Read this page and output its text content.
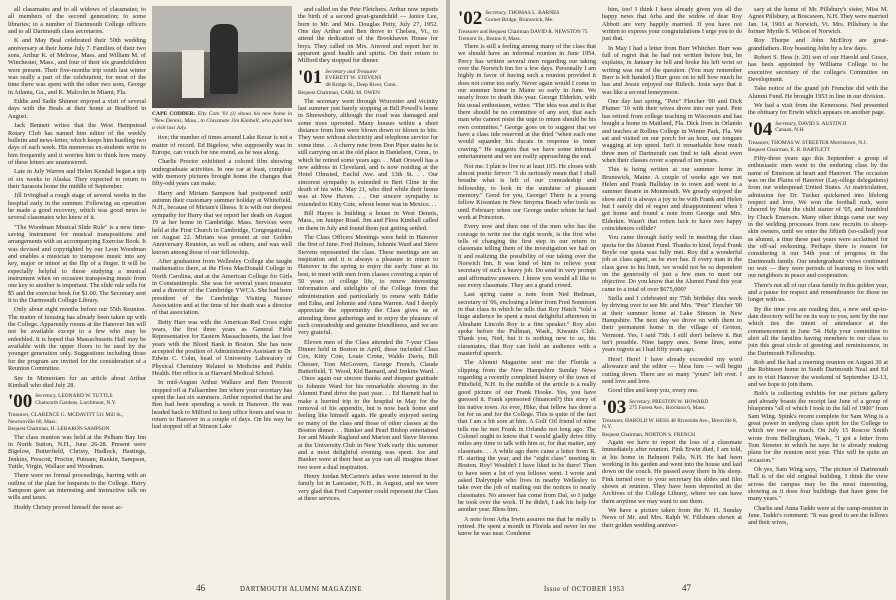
all classmates and to all widows of classmates; to all members of the second generation; to some libraries; to a number of Dartmouth College officers and to all Dartmouth class secretaries.

K and May Beal celebrated their 50th wedding anniversary at their home July 7. Families of their two sons, Arthur K. of Melrose, Mass. and William M. of Winchester, Mass., and four of their six grandchildren were present. Their five-months trip south last winter was really a part of the celebration, for most of the time there was spent with the other two sons, George in Atlanta, Ga., and K. Malcolm in Miami, Fla.

Eddie and Sadie Shinner enjoyed a visit of several days with the Beals at their home at Bradford in August.

Jack Bennett writes that the West Hempstead Rotary Club has named him editor of the weekly bulletin and news-letter, which keeps him hustling two days of each week. His numerous ex-students write to him frequently and it worries him to think how many of these letters are unanswered.

Late in July Warren and Helen Kendall began a trip of six weeks to Alaska. They expected to return to their Sarasota home the middle of September.

Jill Irvingbad a rough stage of several weeks in the hospital early in the summer. Following an operation he made a good recovery, which was good news to several classmates who knew of it.

"The Woodman Musical Slide Rule" is a new time-saving instrument for musical transpositions and arrangements with an accompanying Exercise Book. It was devised and copyrighted by our Leon Woodman and enables a musician to transpose music into any key, major or minor at the flip of a finger. It will be especially helpful to those studying a musical instrument when on occasion transposing music from one key to another is important. The slide rule sells for $5 and the exercise book for $1.00. The Secretary sent it to the Dartmouth College Library.

Only about eight months before our 55th Reunion. The matter of housing has already been taken up with the College. Apparently rooms at the Hanover Inn will not be available except to a few who may be enfeebled. It is hoped that Massachusetts Hall may be available with the upper floors to be used by the younger generation only. Suggestions including those for the program are invited for the consideration of a Reunion Committee.

See In Memoriam for an article about Arthur Kimball who died July 28.

'00 Secretary, LEONARD W. TUTTLE
Chatworth Gardens, Larchmont, N.Y.

Treasurer, CLARENCE G. MCDAVITT 511 Mill St., Newtonville 60, Mass.

Bequest Chairman, H. LEBARON SAMPSON

The class reunion was held at the Pelham Bay Inn in North Sutton, N.H., June 26-28. Present were Bigelow, Butterfield, Christy, Hadlock, Hastings, Jenkins, Prescott, Proctor, Putnam, Rankin, Sampson, Tuttle, Virgin, Wallace and Woodman.

There were no formal proceedings, barring with an outline of the plan for bequests to the College. Harry Sampson gave an interesting and instructive talk on wills and taxes.

Hoddy Christy proved himself the most ac-

CAPE CODDER: Elty Cote '01 (l) shows his new home in "New Dennis, Mass., to Classmate Jim Kimball, who paid him a visit last July.

tive; the number of times around Lake Kezar is not a matter of record. Ed Bigelow, who supposedly was in Europe, can vouch for one round, as he was along.

Charlie Proctor exhibited a colored film showing undergraduate activities. In one car at least, complete with memory pictures brought home the changes that fifty-odd years can make.

Harry and Miriam Sampson had postponed until autumn their customary summer holiday at Whitefield, N.H., because of Miriam's illness. It is with our deepest sympathy for Harry that we report her death on August 19 at her home in Cambridge. Mass. Services were held at the First Church in Cambridge, Congregational, on August 22. Miriam was present at our Golden Anniversary Reunion, as well as others, and was well known among those of our fellowship.

After graduation from Wellesley College she taught mathematics there, at the Flora MacDonald College in North Carolina, and at the American College for Girls in Constantinople. She was for several years treasurer and a director of the Cambridge YWCA. She had been president of the Cambridge Visiting Nurses' Association and at the time of her death was a director of that association.

Betty Harr was with the American Red Cross eight years, the first three years as General Field Representative for Eastern Massachusetts, the last five years with the Blood Bank in Boston. She has now accepted the position of Administrative Assistant to Dr. Edwin C. Cohn, head of University Laboratory of Physical Chemistry Related to Medicine and Public Health. Her office is at Harvard Medical School.

In mid-August Arthur Wallace and Ben Prescott stopped off at Fallasrnbee Inn where your secretary has spent the last six summers. Arthur reported that he and Ben had been spending a week in Hanover. He was headed back to Milford to keep office hours and was to return to Hanover in a couple of days. On his way he had stopped off at Stinson Lake

and called on the Pete Fletchers. Arthur now reports the birth of a second great-grandchild — Janice Lee, born to Mr. and Mrs. Douglas Petty, July 27, 1952. One day Arthur and Ben drove to Chelsea, Vt., to attend the dedication of the Brookhaven House for boys. They called on Mrs. Atwood and report her in apparent good health and spirits. On their return to Milford they stopped for dinner.

'01 Secretary and Treasurer
EVERETT W. STEVENS
48 Bridge St., Deep River, Conn.

Bequest Chairman, CARL M. OWEN

The secretary went through Worcester and vicinity last summer just barely stopping at Bill Powell's home in Shrewsbury, although the road was damaged and some trees uprooted. Many houses within a short distance from him were blown down or blown to bits. They were without electricity and telephone service for some time. . . A cherry note from Don Piper states he is still carrying on at the old place in Danielson, Conn., to which he retired some years ago. . . Matt Orswell has a new address in Cleveland, and is now residing at the Hotel Olmsted, Euclid Ave. and 13th St. . . Our sincerest sympathy is extended to Bert Cline in the death of his wife. May 21, who died while their home was at New Haven. . . Our sincere sympathy is extended to Kitty Cote, whose home was in Mexico. . .

Bill Hayes is building a house in West Dennis, Mass., on Juniper Road. Jim and Flora Kimball called on them in July and found them just getting settled.

The Class Officers Meetings were held in Hanover the first of June. Fred Holmes, Johnnie Ward and Steve Stevens represented the class. These meetings are an inspiration and it is always a pleasure to return to Hanover in the spring to enjoy the early June at its best, to meet with men from classes covering a span of 50 years of college life, to renew interesting information and sidelights of the College from the administration and particularly to renew with Eddie and Edna, and Johnnie and Anna Warren. And I deeply appreciate the opportunity the Class gives us of attending these gatherings and to enjoy the pleasure of such comradeship and genuine friendliness, and we are very grateful.

Eleven men of the Class attended the 7-year Class Dinner held in Boston in April, these included Class Cox, Kitty Cote, Louie Crone, Waldo Davis, Bill Chesser, Tom McGovern, George French, Claude Butterfield, T. Wood, Kid Barnard, and Jenkins Ward. . . Once again our sincere thanks and deepest gratitude to Johnnie Ward for his remarkable showing in the Alumni Fund drive the past year. . . Ed Barnett had to make a hurried trip to the hospital in May for the removal of his appendix, but is now back home and feeling like himself again. He greatly enjoyed seeing so many of the class and those of other classes at the Boston dinner. . . Bunker and Pearl Bishop entertained Joe and Maude Ragland and Marion and Steve Stevens at the University Club in New York early this summer and a most delightful evening was spent. Joe and Bunker were at their best as you can all imagine those two were a dual inspiration.

Henry Jordan McCarten's ashes were interred in the family lot in Lancaster, N.H., in August, and we were very glad that Fred Carpenter could represent the Class at these services.

46	DARTMOUTH ALUMNI MAGAZINE
'02 Secretary, THOMAS L. BARNES
Gurnet Bridge, Brunswick, Me.

Treasurer and Bequest Chairman DAVID R. NEWSTON 75 Tremont St., Boston 8, Mass.

There is still a feeling among many of the class that we should have an informal reunion in June 1954. Percy has written several men regarding our taking over the Norwich Inn for a few days. Personally I am highly in favor of having such a reunion provided it does not come too early. Never again would I come to our summer home in Maine so early in June. We nearly froze to death this year. George Elderkin, with his usual enthusiasm, writes: "The idea was and is that there should be no committee of any sort, that each man who cannot resist the urge to return should be his own committee." George goes on to suggest that we have a class tide reserved at the third "when each one would squander his ducats in response to inner craving." He suggests that we have some informal entertainment and we are really approaching the end.

Not me. I plan to live to at least 105. He closes with almost poetic fervor: "I do seriously mean that I shall breathe what is left of our comradeship and fellowship, to look in the sunshine of pleasant memory." Good for you, George! There is a young fellow Kiwanian in New Smyrna Beach who tools us until February when our George under whom he had work at Princeton.

Every now and then one of the men who has the courage to write me the right words, is the first who tells of changing the first step in our return to classmate telling them of the investigation we had on it and realizing the possibility of our taking over the Norwich Inn. It was kind of him to relieve your secretary of such a heavy job. Do send in very prompt and affirmative answers. I know you would all like to see every classmate. They are a grand crowd.

Last spring came a note from Ned Redman, secretary of '06, enclosing a letter from Fred Sonneson in that class in which he tells that Roy Hatch "told a huge audience he spent a most delightful afternoon in Abraham Lincoln Roy is a fine speaker." Roy also spoke before the Pullman, Wash., Kiwanis Club. Thank you, Ned, but it is nothing new to us, his classmates, that Roy can hold an audience with a masterful speech.

The Alumni Magazine sent me the Florida a clipping from the New Hampshire Sunday News regarding a recently completed history of the town of Pittsfield, N.H. In the middle of the article is a really good picture of our Frank Hooke. Yes, you have guessed it. Frank sponsored (financed?) this story of his native town. As ever, Hike, that fellow has done a lot for us and for the College. This is quite of the fact that I am a bit sore at him. A Golf Oil friend of mine tells me he met Frank in Orlando not long ago. The Colonel ought to know that I would gladly drive fifty miles any time to talk with him or, for that matter, any classmate. . . A while ago there came a letter from R. H. starting the year, and the "eight class" meeting in Boston. Roy! Wouldn't I have liked to be there! Then to have seen a lot of you fellows went. I wrote and asked Dalrymple who lives in nearby Wellesley to take over the job of mailing out the notices to nearly classmates. No answer has come from Dal, so I judge he took over the work. If he didn't, I ask his help for another year. Bless him.

A note from Arba Irwin assures me that he really is retired. He spent a month in Florida and never let me know he was near. Condemn

him, too! I think I have already given you all the happy news that Arba and the widow of dear Roy Abbott are very happily married. If you have not written to express your congratulations I urge you to do just that.

In May I had a letter from Burr Whitcher. Burr was full of regret that he had not written before but, he explains, in January he fell and broke his left wrist so writing was out of the question. (You may remember Burr is left handed.) Burr goes on to tell how much he has and Jessie enjoyed our Ritlech. Josie says that it was like a second honeymoon.

One day last spring, "Pete" Fletcher '00 and Dick Plumer '10 with their wives drove into our yard. Pete has retired from college teaching in Wisconsin and has bought a home in Maitland, Fla. Dick lives in Orlando and teaches at Rollins College in Winter Park, Fla. We sat and visited on our porch for an hour, our tongues wagging at top speed. Isn't it remarkable how much three men of Dartmouth can find to talk about even when their classes cover a spread of ten years.

This is being written at our summer home in Brunswick, Maine. A couple of weeks ago we met Helen and Frank Halliday in to town and went to a summer theatre in Monmouth. We greatly enjoyed the show and it is always a joy to be with Frank and Helen but I surely did of regret and disappointment when I got home and found a note from George and Mrs. Elderkin. Wasn't that rotten luck to have two happy coincidences collide?

You came through fairly well in meeting the class quota for the Alumni Fund. Thanks to kind, loyal Frank Boyle our quota was fully met. Roy did a wonderful job as class agent, as he ever has. If every man in the class gave to his limit, we would not be so dependent on the generosity of just a few men to meet our objective. Do you know that the Alumni Fund this year came to a total of over $675,000?

Stella and I celebrated my 75th birthday this week by driving over to see Mr. and Mrs. "Pete" Fletcher '00 at their summer home at Lake Stinson in New Hampshire. The next day we drove on with them to their permanent home in the village of Groton, Vermont. Yes, I said 75th. I still don't believe it. But isn't possible. Nine happy ones. Some lines, some years regrets as I had fifty years ago.

Here! Here! I have already exceeded my word allowance and the editor — bless him — will begin cutting down. There are so many "yours" left over. I send love and love.

Good tiles and keep you, every one.

'03 Secretary, PRESTON W. HOWARD
275 Forest Ave., Brockton 6, Mass.

Treasurer, HAROLD W. HESS 48 Riverside Ave., Brenville 8, N.Y.

Bequest Chairman, NORTON S. FRENCH

Again we have to report the loss of a classmate immediately after reunion. Fink Erwin died, I am told, at his home in Belmont Falls, N.H. He had been working in his garden and went into the house and laid down on the couch. He passed away there in his sleep. Fink turned over to your secretary his slides and film shown at reunion. They have been deposited in the Archives of the College Library, where we can have them anytime we may want to use them.

We have a picture taken from the N. H. Sunday News of Mr. and Mrs. Ralph W. Fillsburn shown at their golden wedding anniver-

sary at the home of Mr. Pillsbury's sister, Miss M. Agnes Pillsbury, at Boscawen, N.H. They were married Jan. 14, 1903 at Norwich, Vt. Mrs. Pillsbury is the former Myrtle S. Wilson of Norwich.

Roy Thorpe and John McElroy are great-grandfathers. Roy boasting John by a few days.

Robert S. Hess (r. 20) son of our Harold and Grace, has been appointed by Williams College to be executive secretary of the college's Committee on Development.

Take notice of the grand job Frenchie did with the Alumni Fund. He brought 1953 in line in our division.

We had a visit from the Kenersons. Ned presented the obituary for Erwin which appears on another page.

'04 Secretary, DAVID S. AUSTIN II
Canaan, N.H.

Treasurer, THOMAS W. STREETER Morristown, N.J.

Bequest Chairman, E. R. BARTLETT

Fifty-three years ago this September a group of enthusiastic men went to the enduring class by the name of Emerson at heart and Hanover. The occasion was on the Plains of Hanover (Lay-ollege delegations) from our widespread United States. At matriculation, admission fee Dr. Tucker quickened into lifelong respect and love. We won the football rush, were cheered by Nate the child starter of '05, and humbled by Chuck Emerson. Many other things came our way in the welding processes from raw recruits to sheep-skin owners, until we enter the fiftieth (so-called) year as alumni, a time these past years were acclaimed for the off-sal reckoning. Perhaps there is reason for considering it our 54th year of progress in the Dartmouth family. Our undergraduate views continued no wax — they were periods of learning to live with our neighbors in peace and cooperation.

There's not all of our class family in this golden year, and a pause for respect and remembrance for those no longer with us.

By the time you are reading this, a new and up-to-date directory will be on its way to you, sent by the one which ties the intent of attendance at the commencement in June '54. Help your committee to alert all the families having members to our class to join this great circle of greeting and reminiscence, in the Dartmouth Fellowship.

Rob and Ike had a morning reunion on August 30 at the Robinson home in South Dartmouth Neal and Ed are to visit Hanover the weekend of September 12-13, and we hope to join them.

Bob's is collecting exhibits for our picture gallery and already boasts the receipt last June of a group of blueprints "all of which I took in the fall of 1900" from Sam Wing. Spink's recent complete for Sam Wing is a great power in undying class spirit for the College to which we owe so much. On July 15 Roscoe Smith wrote from Bellingham, Wash., "I got a letter from Tom Streeter in which he says he is already making plans for the reunion next year. This will be quite an occasion."

Oh yes, Sam Wing says, "The picture of Dartmouth Hall is of the old original building. I think the view across the campus may be the most interesting, showing as it does four buildings that have gone for many years."

Charlie and Anna Taddo were at the camp-reunion in June. Taddo's comment: "It was good to see the fellows and their wives,

Issue of OCTOBER 1953	47
